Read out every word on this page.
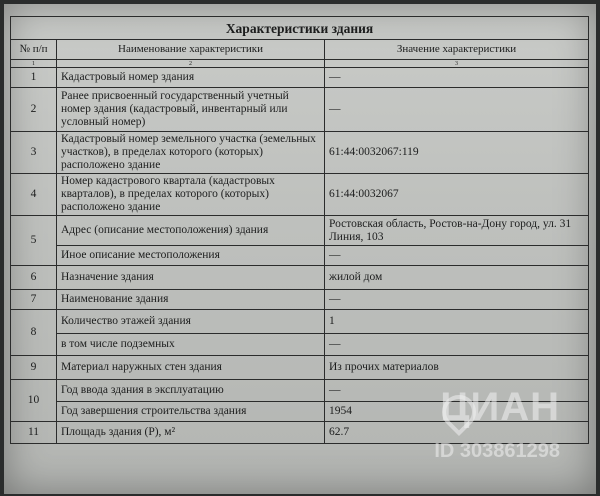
Характеристики здания		
№ п/п	Наименование характеристики	Значение характеристики
1	2	3
1	Кадастровый номер здания	—
2	Ранее присвоенный государственный учетный номер здания (кадастровый, инвентарный или условный номер)	—
3	Кадастровый номер земельного участка (земельных участков), в пределах которого (которых) расположено здание	61:44:0032067:119
4	Номер кадастрового квартала (кадастровых кварталов), в пределах которого (которых) расположено здание	61:44:0032067
5	Адрес (описание местоположения) здания	Ростовская область, Ростов-на-Дону город, ул. 31 Линия, 103
	Иное описание местоположения	—
6	Назначение здания	жилой дом
7	Наименование здания	—
8	Количество этажей здания	1
	в том числе подземных	—
9	Материал наружных стен здания	Из прочих материалов
10	Год ввода здания в эксплуатацию	—
	Год завершения строительства здания	1954
11	Площадь здания (Р), м²	62.7
ЦИАН
ID 303861298
